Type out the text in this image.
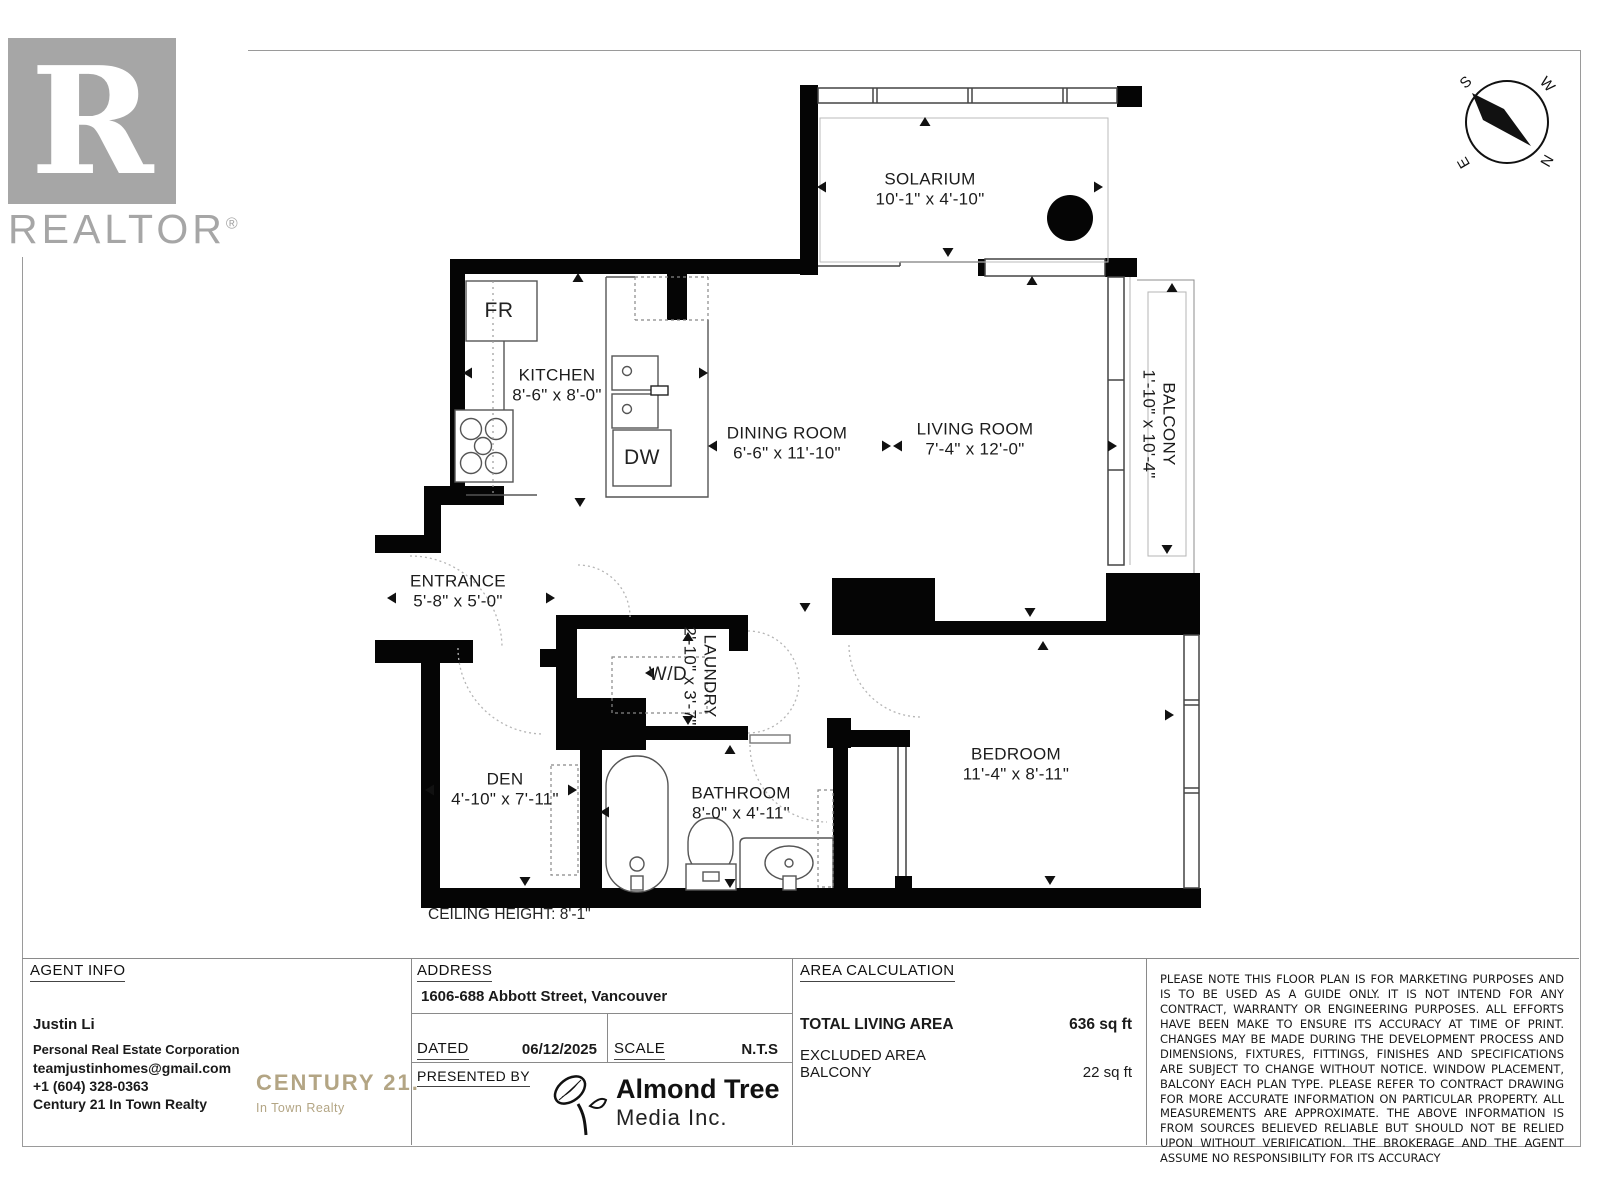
SOLARIUM
10'-1" x 4'-10"
KITCHEN
8'-6" x 8'-0"
DINING ROOM
6'-6" x 11'-10"
LIVING ROOM
7'-4" x 12'-0"	BALCONY
1'-10" x 10'-4"
ENTRANCE
5'-8" x 5'-0"
LAUNDRY
2'-10" x 3'-7"
DEN
4'-10" x 7'-11"	BATHROOM
8'-0" x 4'-11"
BEDROOM
11'-4" x 8'-11"
FR
DW
W/D
CEILING HEIGHT: 8'-1"
R
REALTOR®
S	W
E	N
AGENT INFO
Justin Li
Personal Real Estate Corporation
teamjustinhomes@gmail.com
+1 (604) 328-0363
Century 21 In Town Realty
CENTURY 21.
In Town Realty
ADDRESS
1606-688 Abbott Street, Vancouver
DATED	06/12/2025 SCALE	N.T.S
PRESENTED BY	Almond Tree
Media Inc.
AREA CALCULATION
TOTAL LIVING AREA	636 sq ft
EXCLUDED AREA
BALCONY	22 sq ft
PLEASE NOTE THIS FLOOR PLAN IS FOR MARKETING PURPOSES AND IS TO BE USED AS A GUIDE ONLY. IT IS NOT INTEND FOR ANY CONTRACT, WARRANTY OR ENGINEERING PURPOSES. ALL EFFORTS HAVE BEEN MAKE TO ENSURE ITS ACCURACY AT TIME OF PRINT. CHANGES MAY BE MADE DURING THE DEVELOPMENT PROCESS AND DIMENSIONS, FIXTURES, FITTINGS, FINISHES AND SPECIFICATIONS ARE SUBJECT TO CHANGE WITHOUT NOTICE. WINDOW PLACEMENT, BALCONY EACH PLAN TYPE. PLEASE REFER TO CONTRACT DRAWING FOR MORE ACCURATE INFORMATION ON PARTICULAR PROPERTY. ALL MEASUREMENTS ARE APPROXIMATE. THE ABOVE INFORMATION IS FROM SOURCES BELIEVED RELIABLE BUT SHOULD NOT BE RELIED UPON WITHOUT VERIFICATION. THE BROKERAGE AND THE AGENT ASSUME NO RESPONSIBILITY FOR ITS ACCURACY
